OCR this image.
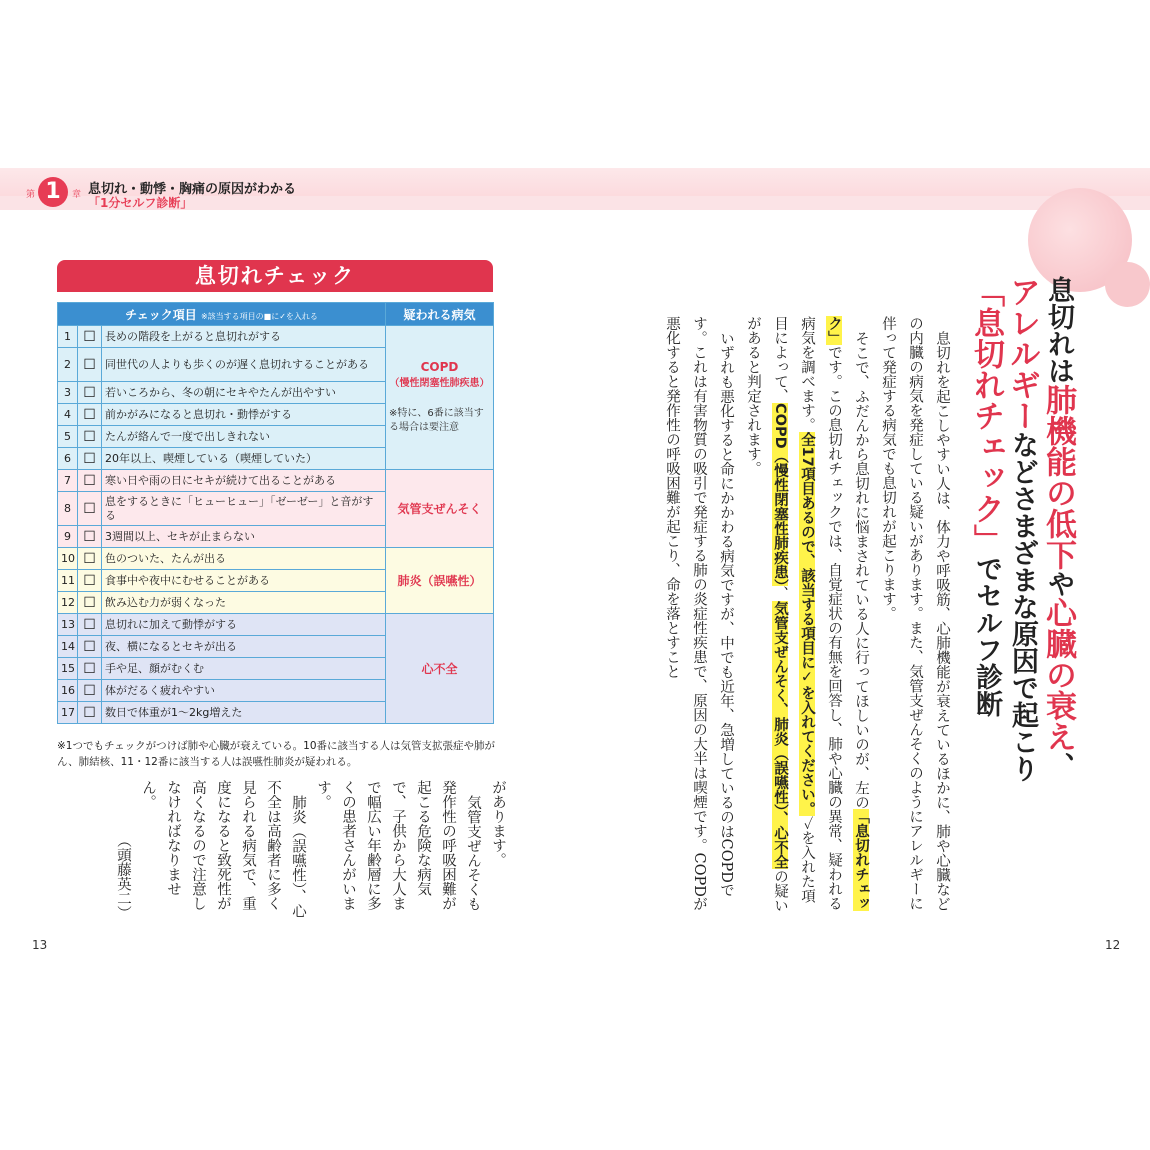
第 1	章 息切れ・動悸・胸痛の原因がわかる
「1分セルフ診断」
息切れチェック
チェック項目 ※該当する項目の■に✓を入れる			疑われる病気
1	☐	長めの階段を上がると息切れがする	COPD
（慢性閉塞性肺疾患）
※特に、6番に該当する場合は要注意

2	☐	同世代の人よりも歩くのが遅く息切れすることがある	
3	☐	若いころから、冬の朝にセキやたんが出やすい	
4	☐	前かがみになると息切れ・動悸がする	
5	☐	たんが絡んで一度で出しきれない	
6	☐	20年以上、喫煙している（喫煙していた）	
7	☐	寒い日や雨の日にセキが続けて出ることがある	気管支ぜんそく
8	☐	息をするときに「ヒューヒュー」「ゼーゼー」と音がする	
9	☐	3週間以上、セキが止まらない	
10	☐	色のついた、たんが出る	肺炎（誤嚥性）
11	☐	食事中や夜中にむせることがある	
12	☐	飲み込む力が弱くなった	
13	☐	息切れに加えて動悸がする	心不全
14	☐	夜、横になるとセキが出る	
15	☐	手や足、顔がむくむ	
16	☐	体がだるく疲れやすい	
17	☐	数日で体重が1～2kg増えた	
※1つでもチェックがつけば肺や心臓が衰えている。10番に該当する人は気管支拡張症や肺がん、肺結核、11・12番に該当する人は誤嚥性肺炎が疑われる。

があります。

気管支ぜんそくも発作性の呼吸困難が起こる危険な病気で、子供から大人まで幅広い年齢層に多くの患者さんがいます。

肺炎（誤嚥性）、心不全は高齢者に多く見られる病気で、重度になると致死性が高くなるので注意しなければなりません。

（頭藤英二）	息切れを起こしやすい人は、体力や呼吸筋、心肺機能が衰えているほかに、肺や心臓などの内臓の病気を発症している疑いがあります。また、気管支ぜんそくのようにアレルギーに伴って発症する病気でも息切れが起こります。

そこで、ふだんから息切れに悩まされている人に行ってほしいのが、左の「息切れチェック」です。この息切れチェックでは、自覚症状の有無を回答し、肺や心臓の異常、疑われる病気を調べます。全17項目あるので、該当する項目に✓を入れてください。✓を入れた項目によって、COPD（慢性閉塞性肺疾患）、気管支ぜんそく、肺炎（誤嚥性）、心不全の疑いがあると判定されます。

いずれも悪化すると命にかかわる病気ですが、中でも近年、急増しているのはCOPDです。これは有害物質の吸引で発症する肺の炎症性疾患で、原因の大半は喫煙です。COPDが悪化すると発作性の呼吸困難が起こり、命を落とすこと	息切れは肺機能の低下や心臓の衰え、
アレルギーなどさまざまな原因で起こり
「息切れチェック」でセルフ診断
13	12
